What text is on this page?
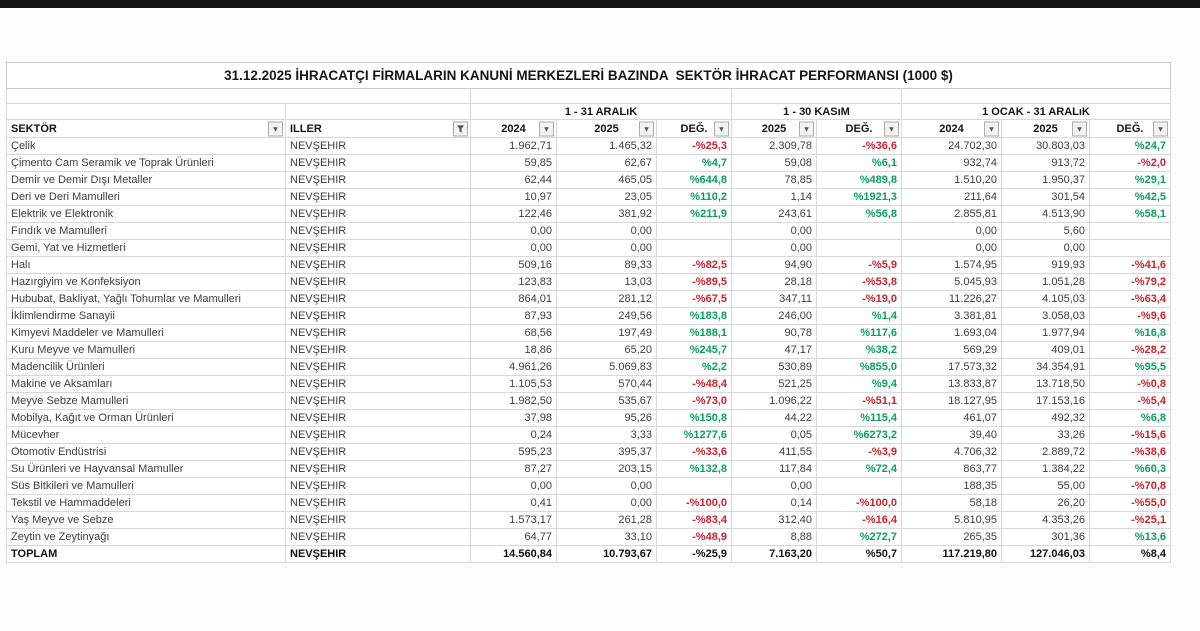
31.12.2025 İHRACATÇI FİRMALARIN KANUNİ MERKEZLERİ BAZINDA  SEKTÖR İHRACAT PERFORMANSI (1000 $)									

		1 - 31 ARALıK			1 - 30 KASıM		1 OCAK - 31 ARALıK		
SEKTÖR ▾	ILLER	2024 ▾	2025 ▾	DEĞ. ▾	2025 ▾	DEĞ. ▾	2024 ▾	2025 ▾	DEĞ. ▾

Çelik	NEVŞEHIR	1.962,71	1.465,32	-%25,3	2.309,78	-%36,6	24.702,30	30.803,03	%24,7
Çimento Cam Seramik ve Toprak Ürünleri	NEVŞEHIR	59,85	62,67	%4,7	59,08	%6,1	932,74	913,72	-%2,0
Demir ve Demir Dışı Metaller	NEVŞEHIR	62,44	465,05	%644,8	78,85	%489,8	1.510,20	1.950,37	%29,1
Deri ve Deri Mamulleri	NEVŞEHIR	10,97	23,05	%110,2	1,14	%1921,3	211,64	301,54	%42,5
Elektrik ve Elektronik	NEVŞEHIR	122,46	381,92	%211,9	243,61	%56,8	2.855,81	4.513,90	%58,1
Fındık ve Mamulleri	NEVŞEHIR	0,00	0,00		0,00		0,00	5,60	
Gemi, Yat ve Hizmetleri	NEVŞEHIR	0,00	0,00		0,00		0,00	0,00	
Halı	NEVŞEHIR	509,16	89,33	-%82,5	94,90	-%5,9	1.574,95	919,93	-%41,6
Hazırgiyim ve Konfeksiyon	NEVŞEHIR	123,83	13,03	-%89,5	28,18	-%53,8	5.045,93	1.051,28	-%79,2
Hububat, Bakliyat, Yağlı Tohumlar ve Mamulleri	NEVŞEHIR	864,01	281,12	-%67,5	347,11	-%19,0	11.226,27	4.105,03	-%63,4
İklimlendirme Sanayii	NEVŞEHIR	87,93	249,56	%183,8	246,00	%1,4	3.381,81	3.058,03	-%9,6
Kimyevi Maddeler ve Mamulleri	NEVŞEHIR	68,56	197,49	%188,1	90,78	%117,6	1.693,04	1.977,94	%16,8
Kuru Meyve ve Mamulleri	NEVŞEHIR	18,86	65,20	%245,7	47,17	%38,2	569,29	409,01	-%28,2
Madencilik Ürünleri	NEVŞEHIR	4.961,26	5.069,83	%2,2	530,89	%855,0	17.573,32	34.354,91	%95,5
Makine ve Aksamları	NEVŞEHIR	1.105,53	570,44	-%48,4	521,25	%9,4	13.833,87	13.718,50	-%0,8
Meyve Sebze Mamulleri	NEVŞEHIR	1.982,50	535,67	-%73,0	1.096,22	-%51,1	18.127,95	17.153,16	-%5,4
Mobilya, Kağıt ve Orman Ürünleri	NEVŞEHIR	37,98	95,26	%150,8	44,22	%115,4	461,07	492,32	%6,8
Mücevher	NEVŞEHIR	0,24	3,33	%1277,6	0,05	%6273,2	39,40	33,26	-%15,6
Otomotiv Endüstrisi	NEVŞEHIR	595,23	395,37	-%33,6	411,55	-%3,9	4.706,32	2.889,72	-%38,6
Su Ürünleri ve Hayvansal Mamuller	NEVŞEHIR	87,27	203,15	%132,8	117,84	%72,4	863,77	1.384,22	%60,3
Süs Bitkileri ve Mamulleri	NEVŞEHIR	0,00	0,00		0,00		188,35	55,00	-%70,8
Tekstil ve Hammaddeleri	NEVŞEHIR	0,41	0,00	-%100,0	0,14	-%100,0	58,18	26,20	-%55,0
Yaş Meyve ve Sebze	NEVŞEHIR	1.573,17	261,28	-%83,4	312,40	-%16,4	5.810,95	4.353,26	-%25,1
Zeytin ve Zeytinyağı	NEVŞEHIR	64,77	33,10	-%48,9	8,88	%272,7	265,35	301,36	%13,6
TOPLAM	NEVŞEHIR	14.560,84	10.793,67	-%25,9	7.163,20	%50,7	117.219,80	127.046,03	%8,4
